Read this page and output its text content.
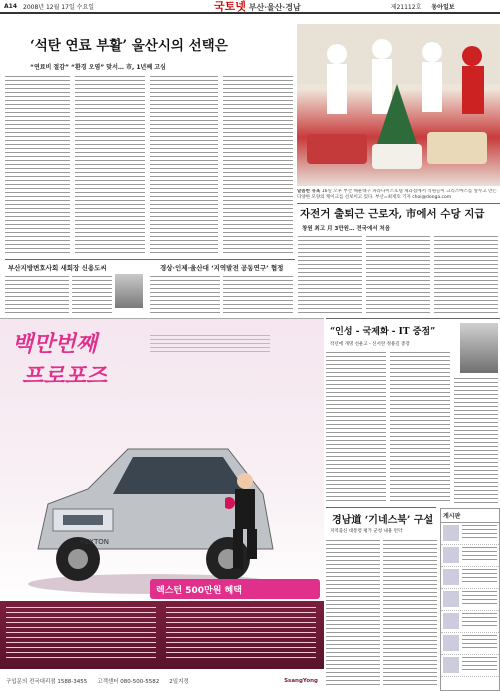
A14 2008년 12월 17일 수요일	국토넷 부산·울산·경남	제21112호 동아일보
‘석탄 연료 부활’ 울산시의 선택은
“연료비 절감” “환경 오염” 맞서… 市, 1년째 고심
달콤한 유혹 16일 오후 부산 해운대구 파라다이스호텔 제과점에서 직원들이 크리스마스를 앞두고 만든 다양한 모양의 케이크를 선보이고 있다. 부산=최재호 기자 choi@donga.com
부산지방변호사회 새회장 신용도씨	경상·인제·울산대 ‘지역발전 공동연구’ 협정
자전거 출퇴근 근로자, 市에서 수당 지급
창원 최고 月 3만원… 전국에서 처음
“인성 - 국제화 - IT 중점”
작년에 개명 선운고 - 신서란 정용길 총장
경남道 ‘기네스북’ 구설
지역출신 대통령 평가 군청 내용 빈약
게시판
백만번째
프로포즈
REXTON
렉스턴 500만원 혜택
구입문의 전국대리점 1588-3455 고객센터 080-500-5582 2일지정	SsangYong
